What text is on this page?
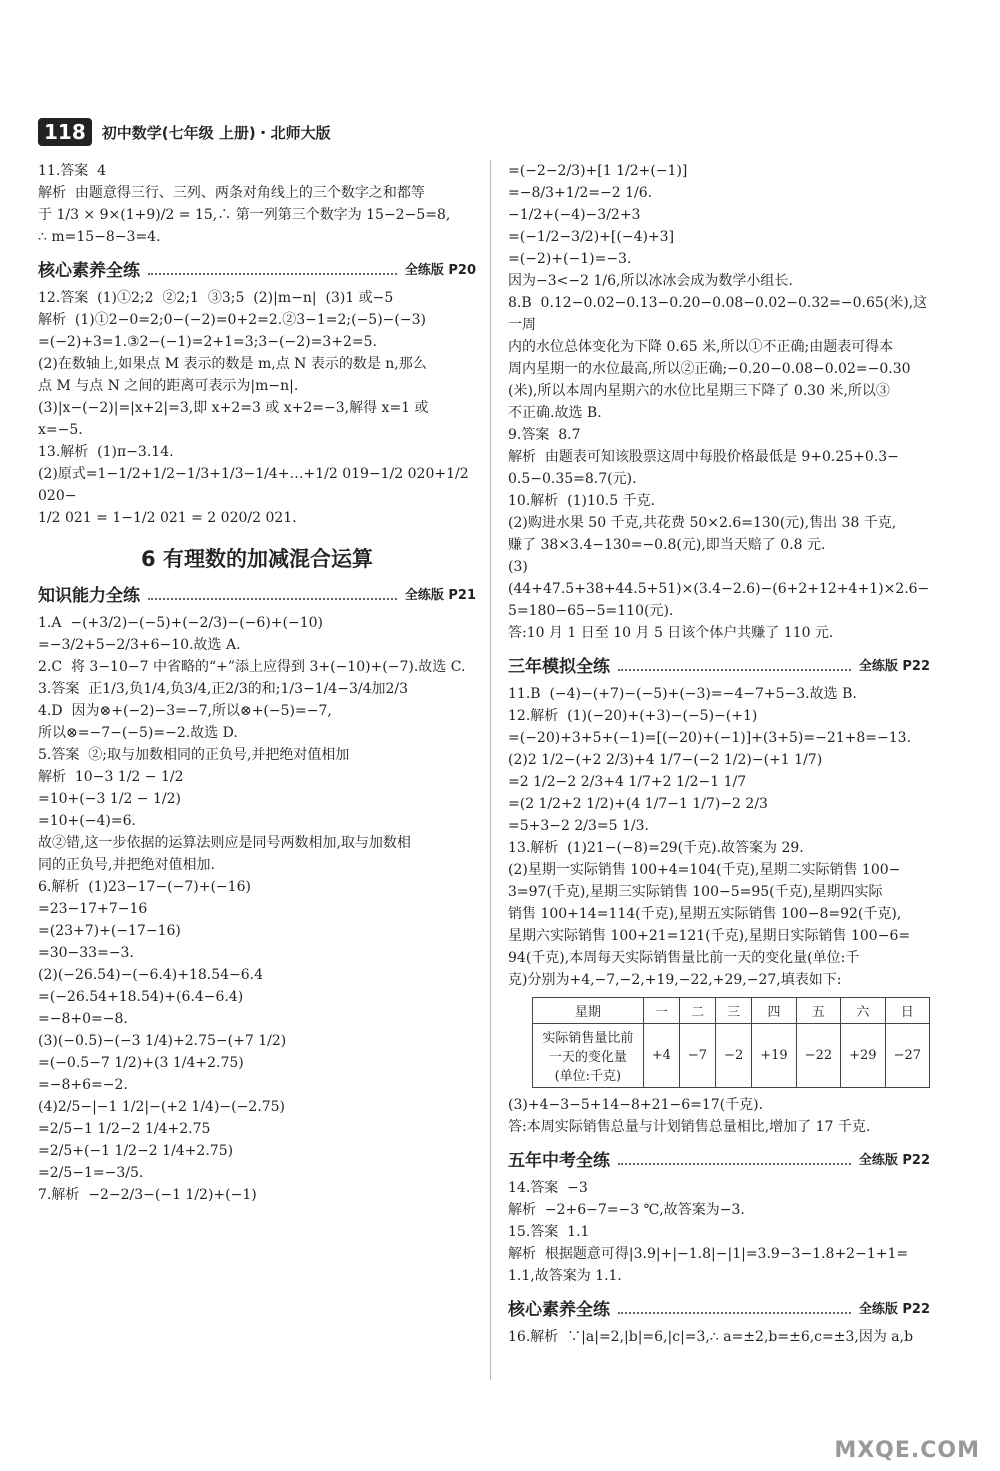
118	初中数学(七年级 上册)・北师大版

11.答案  4

解析  由题意得三行、三列、两条对角线上的三个数字之和都等

于 1/3 × 9×(1+9)/2 = 15,∴ 第一列第三个数字为 15−2−5=8,

∴ m=15−8−3=4.

核心素养全练	全练版 P20

12.答案  (1)①2;2  ②2;1  ③3;5  (2)|m−n|  (3)1 或−5

解析  (1)①2−0=2;0−(−2)=0+2=2.②3−1=2;(−5)−(−3)

=(−2)+3=1.③2−(−1)=2+1=3;3−(−2)=3+2=5.

(2)在数轴上,如果点 M 表示的数是 m,点 N 表示的数是 n,那么

点 M 与点 N 之间的距离可表示为|m−n|.

(3)|x−(−2)|=|x+2|=3,即 x+2=3 或 x+2=−3,解得 x=1 或 x=−5.

13.解析  (1)π−3.14.

(2)原式=1−1/2+1/2−1/3+1/3−1/4+…+1/2 019−1/2 020+1/2 020−

1/2 021 = 1−1/2 021 = 2 020/2 021.

6 有理数的加减混合运算
知识能力全练	全练版 P21

1.A  −(+3/2)−(−5)+(−2/3)−(−6)+(−10)

=−3/2+5−2/3+6−10.故选 A.

2.C  将 3−10−7 中省略的“+”添上应得到 3+(−10)+(−7).故选 C.

3.答案  正1/3,负1/4,负3/4,正2/3的和;1/3−1/4−3/4加2/3

4.D  因为⊗+(−2)−3=−7,所以⊗+(−5)=−7,

所以⊗=−7−(−5)=−2.故选 D.

5.答案  ②;取与加数相同的正负号,并把绝对值相加

解析  10−3 1/2 − 1/2

=10+(−3 1/2 − 1/2)

=10+(−4)=6.

故②错,这一步依据的运算法则应是同号两数相加,取与加数相

同的正负号,并把绝对值相加.

6.解析  (1)23−17−(−7)+(−16)

=23−17+7−16

=(23+7)+(−17−16)

=30−33=−3.

(2)(−26.54)−(−6.4)+18.54−6.4

=(−26.54+18.54)+(6.4−6.4)

=−8+0=−8.

(3)(−0.5)−(−3 1/4)+2.75−(+7 1/2)

=(−0.5−7 1/2)+(3 1/4+2.75)

=−8+6=−2.

(4)2/5−|−1 1/2|−(+2 1/4)−(−2.75)

=2/5−1 1/2−2 1/4+2.75

=2/5+(−1 1/2−2 1/4+2.75)

=2/5−1=−3/5.

7.解析  −2−2/3−(−1 1/2)+(−1)

=(−2−2/3)+[1 1/2+(−1)]

=−8/3+1/2=−2 1/6.

−1/2+(−4)−3/2+3

=(−1/2−3/2)+[(−4)+3]

=(−2)+(−1)=−3.

因为−3<−2 1/6,所以冰冰会成为数学小组长.

8.B  0.12−0.02−0.13−0.20−0.08−0.02−0.32=−0.65(米),这一周

内的水位总体变化为下降 0.65 米,所以①不正确;由题表可得本

周内星期一的水位最高,所以②正确;−0.20−0.08−0.02=−0.30

(米),所以本周内星期六的水位比星期三下降了 0.30 米,所以③

不正确.故选 B.

9.答案  8.7

解析  由题表可知该股票这周中每股价格最低是 9+0.25+0.3−

0.5−0.35=8.7(元).

10.解析  (1)10.5 千克.

(2)购进水果 50 千克,共花费 50×2.6=130(元),售出 38 千克,

赚了 38×3.4−130=−0.8(元),即当天赔了 0.8 元.

(3)(44+47.5+38+44.5+51)×(3.4−2.6)−(6+2+12+4+1)×2.6−

5=180−65−5=110(元).

答:10 月 1 日至 10 月 5 日该个体户共赚了 110 元.

三年模拟全练	全练版 P22

11.B  (−4)−(+7)−(−5)+(−3)=−4−7+5−3.故选 B.

12.解析  (1)(−20)+(+3)−(−5)−(+1)

=(−20)+3+5+(−1)=[(−20)+(−1)]+(3+5)=−21+8=−13.

(2)2 1/2−(+2 2/3)+4 1/7−(−2 1/2)−(+1 1/7)

=2 1/2−2 2/3+4 1/7+2 1/2−1 1/7

=(2 1/2+2 1/2)+(4 1/7−1 1/7)−2 2/3

=5+3−2 2/3=5 1/3.

13.解析  (1)21−(−8)=29(千克).故答案为 29.

(2)星期一实际销售 100+4=104(千克),星期二实际销售 100−

3=97(千克),星期三实际销售 100−5=95(千克),星期四实际

销售 100+14=114(千克),星期五实际销售 100−8=92(千克),

星期六实际销售 100+21=121(千克),星期日实际销售 100−6=

94(千克),本周每天实际销售量比前一天的变化量(单位:千

克)分别为+4,−7,−2,+19,−22,+29,−27,填表如下:

星期	一	二	三	四	五	六	日
实际销售量比前一天的变化量(单位:千克)	+4	−7	−2	+19	−22	+29	−27

(3)+4−3−5+14−8+21−6=17(千克).

答:本周实际销售总量与计划销售总量相比,增加了 17 千克.

五年中考全练	全练版 P22

14.答案  −3

解析  −2+6−7=−3 ℃,故答案为−3.

15.答案  1.1

解析  根据题意可得|3.9|+|−1.8|−|1|=3.9−3−1.8+2−1+1=

1.1,故答案为 1.1.

核心素养全练	全练版 P22

16.解析  ∵|a|=2,|b|=6,|c|=3,∴ a=±2,b=±6,c=±3,因为 a,b

MXQE.COM
